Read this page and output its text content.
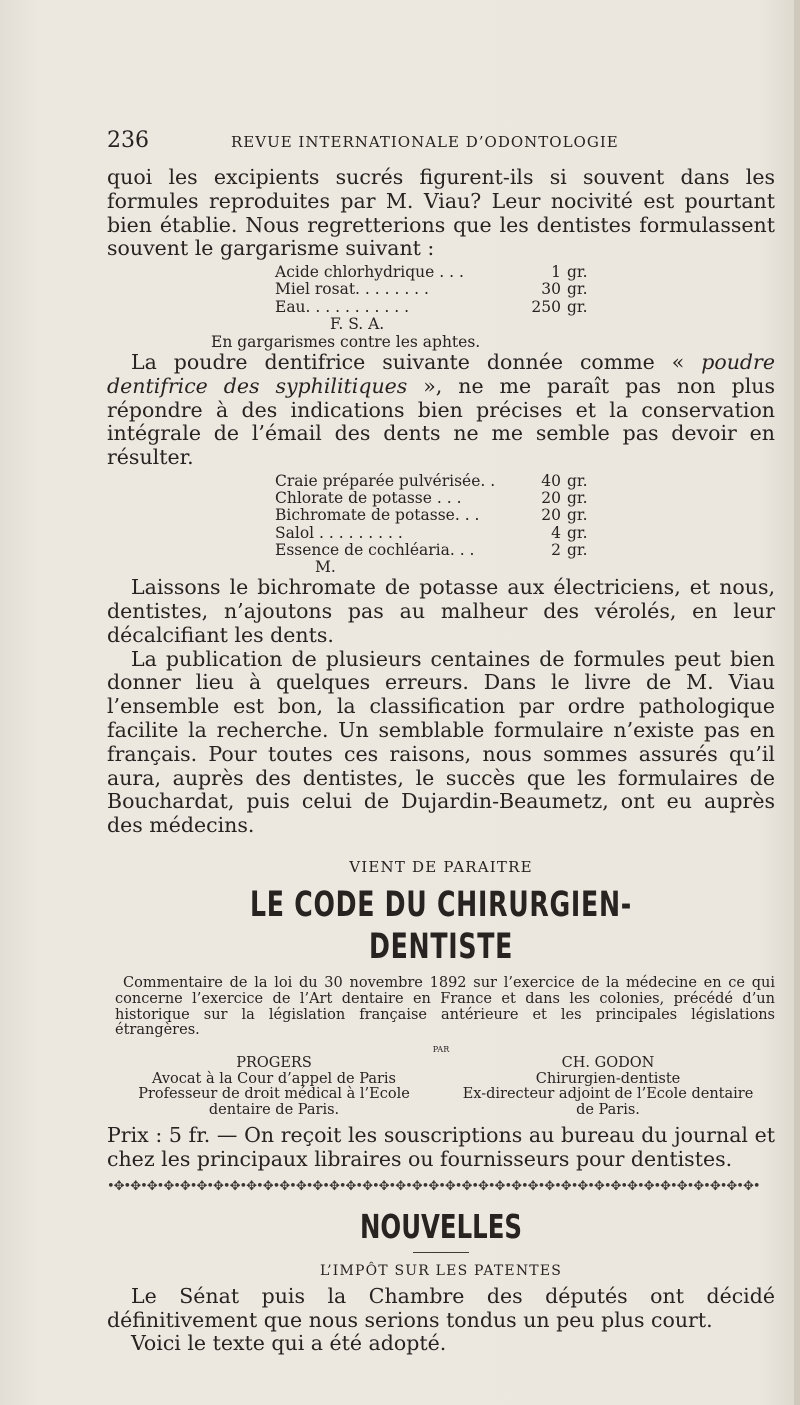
236	REVUE INTERNATIONALE D’ODONTOLOGIE

quoi les excipients sucrés figurent-ils si souvent dans les formules reproduites par M. Viau? Leur nocivité est pourtant bien établie. Nous regretterions que les dentistes formulassent souvent le gargarisme suivant :

Acide chlorhydrique . . .	1 gr.
Miel rosat. . . . . . . .	30 gr.
Eau. . . . . . . . . . .	250 gr.
F. S. A.
En gargarismes contre les aphtes.

La poudre dentifrice suivante donnée comme « poudre dentifrice des syphilitiques », ne me paraît pas non plus répondre à des indications bien précises et la conservation intégrale de l’émail des dents ne me semble pas devoir en résulter.

Craie préparée pulvérisée. .	40 gr.
Chlorate de potasse . . .	20 gr.
Bichromate de potasse. . .	20 gr.
Salol . . . . . . . . .	4 gr.
Essence de cochléaria. . .	2 gr.
M.

Laissons le bichromate de potasse aux électriciens, et nous, dentistes, n’ajoutons pas au malheur des vérolés, en leur décalcifiant les dents.

La publication de plusieurs centaines de formules peut bien donner lieu à quelques erreurs. Dans le livre de M. Viau l’ensemble est bon, la classification par ordre pathologique facilite la recherche. Un semblable formulaire n’existe pas en français. Pour toutes ces raisons, nous sommes assurés qu’il aura, auprès des dentistes, le succès que les formulaires de Bouchardat, puis celui de Dujardin-Beaumetz, ont eu auprès des médecins.

VIENT DE PARAITRE
LE CODE DU CHIRURGIEN-DENTISTE

Commentaire de la loi du 30 novembre 1892 sur l’exercice de la médecine en ce qui concerne l’exercice de l’Art dentaire en France et dans les colonies, précédé d’un historique sur la législation française antérieure et les principales législations étrangères.

PAR
PROGERS
Avocat à la Cour d’appel de Paris
Professeur de droit médical à l’Ecole
dentaire de Paris.
CH. GODON
Chirurgien-dentiste
Ex-directeur adjoint de l’Ecole dentaire
de Paris.

Prix : 5 fr. — On reçoit les souscriptions au bureau du journal et chez les principaux libraires ou fournisseurs pour dentistes.

•✥•✥•✥•✥•✥•✥•✥•✥•✥•✥•✥•✥•✥•✥•✥•✥•✥•✥•✥•✥•✥•✥•✥•✥•✥•✥•✥•✥•✥•✥•✥•✥•✥•✥•✥•✥•✥•✥•✥•
NOUVELLES
L’IMPÔT SUR LES PATENTES

Le Sénat puis la Chambre des députés ont décidé définitivement que nous serions tondus un peu plus court.

Voici le texte qui a été adopté.
